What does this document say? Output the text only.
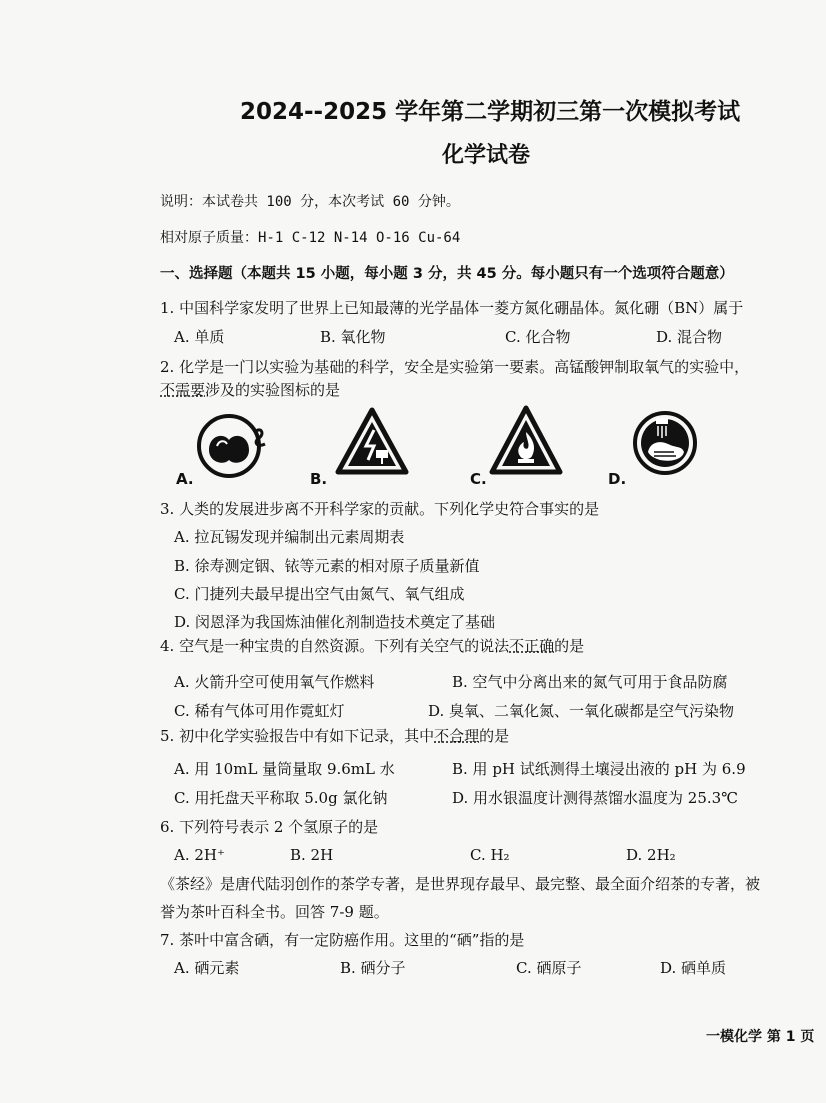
2024--2025 学年第二学期初三第一次模拟考试
化学试卷
说明：本试卷共 100 分，本次考试 60 分钟。
相对原子质量：H-1 C-12 N-14 O-16 Cu-64
一、选择题（本题共 15 小题，每小题 3 分，共 45 分。每小题只有一个选项符合题意）
1. 中国科学家发明了世界上已知最薄的光学晶体一菱方氮化硼晶体。氮化硼（BN）属于
A. 单质	B. 氧化物	C. 化合物	D. 混合物
2. 化学是一门以实验为基础的科学，安全是实验第一要素。高锰酸钾制取氧气的实验中，
不需要涉及的实验图标的是
A.	B.	C.	D.
3. 人类的发展进步离不开科学家的贡献。下列化学史符合事实的是
A. 拉瓦锡发现并编制出元素周期表
B. 徐寿测定铟、铱等元素的相对原子质量新值
C. 门捷列夫最早提出空气由氮气、氧气组成
D. 闵恩泽为我国炼油催化剂制造技术奠定了基础
4. 空气是一种宝贵的自然资源。下列有关空气的说法不正确的是
A. 火箭升空可使用氧气作燃料	B. 空气中分离出来的氮气可用于食品防腐
C. 稀有气体可用作霓虹灯	D. 臭氧、二氧化氮、一氧化碳都是空气污染物
5. 初中化学实验报告中有如下记录，其中不合理的是
A. 用 10mL 量筒量取 9.6mL 水	B. 用 pH 试纸测得土壤浸出液的 pH 为 6.9
C. 用托盘天平称取 5.0g 氯化钠	D. 用水银温度计测得蒸馏水温度为 25.3℃
6. 下列符号表示 2 个氢原子的是
A. 2H⁺	B. 2H	C. H₂	D. 2H₂
《茶经》是唐代陆羽创作的茶学专著，是世界现存最早、最完整、最全面介绍茶的专著，被
誉为茶叶百科全书。回答 7-9 题。
7. 茶叶中富含硒，有一定防癌作用。这里的“硒”指的是
A. 硒元素	B. 硒分子	C. 硒原子	D. 硒单质
一模化学 第 1 页
